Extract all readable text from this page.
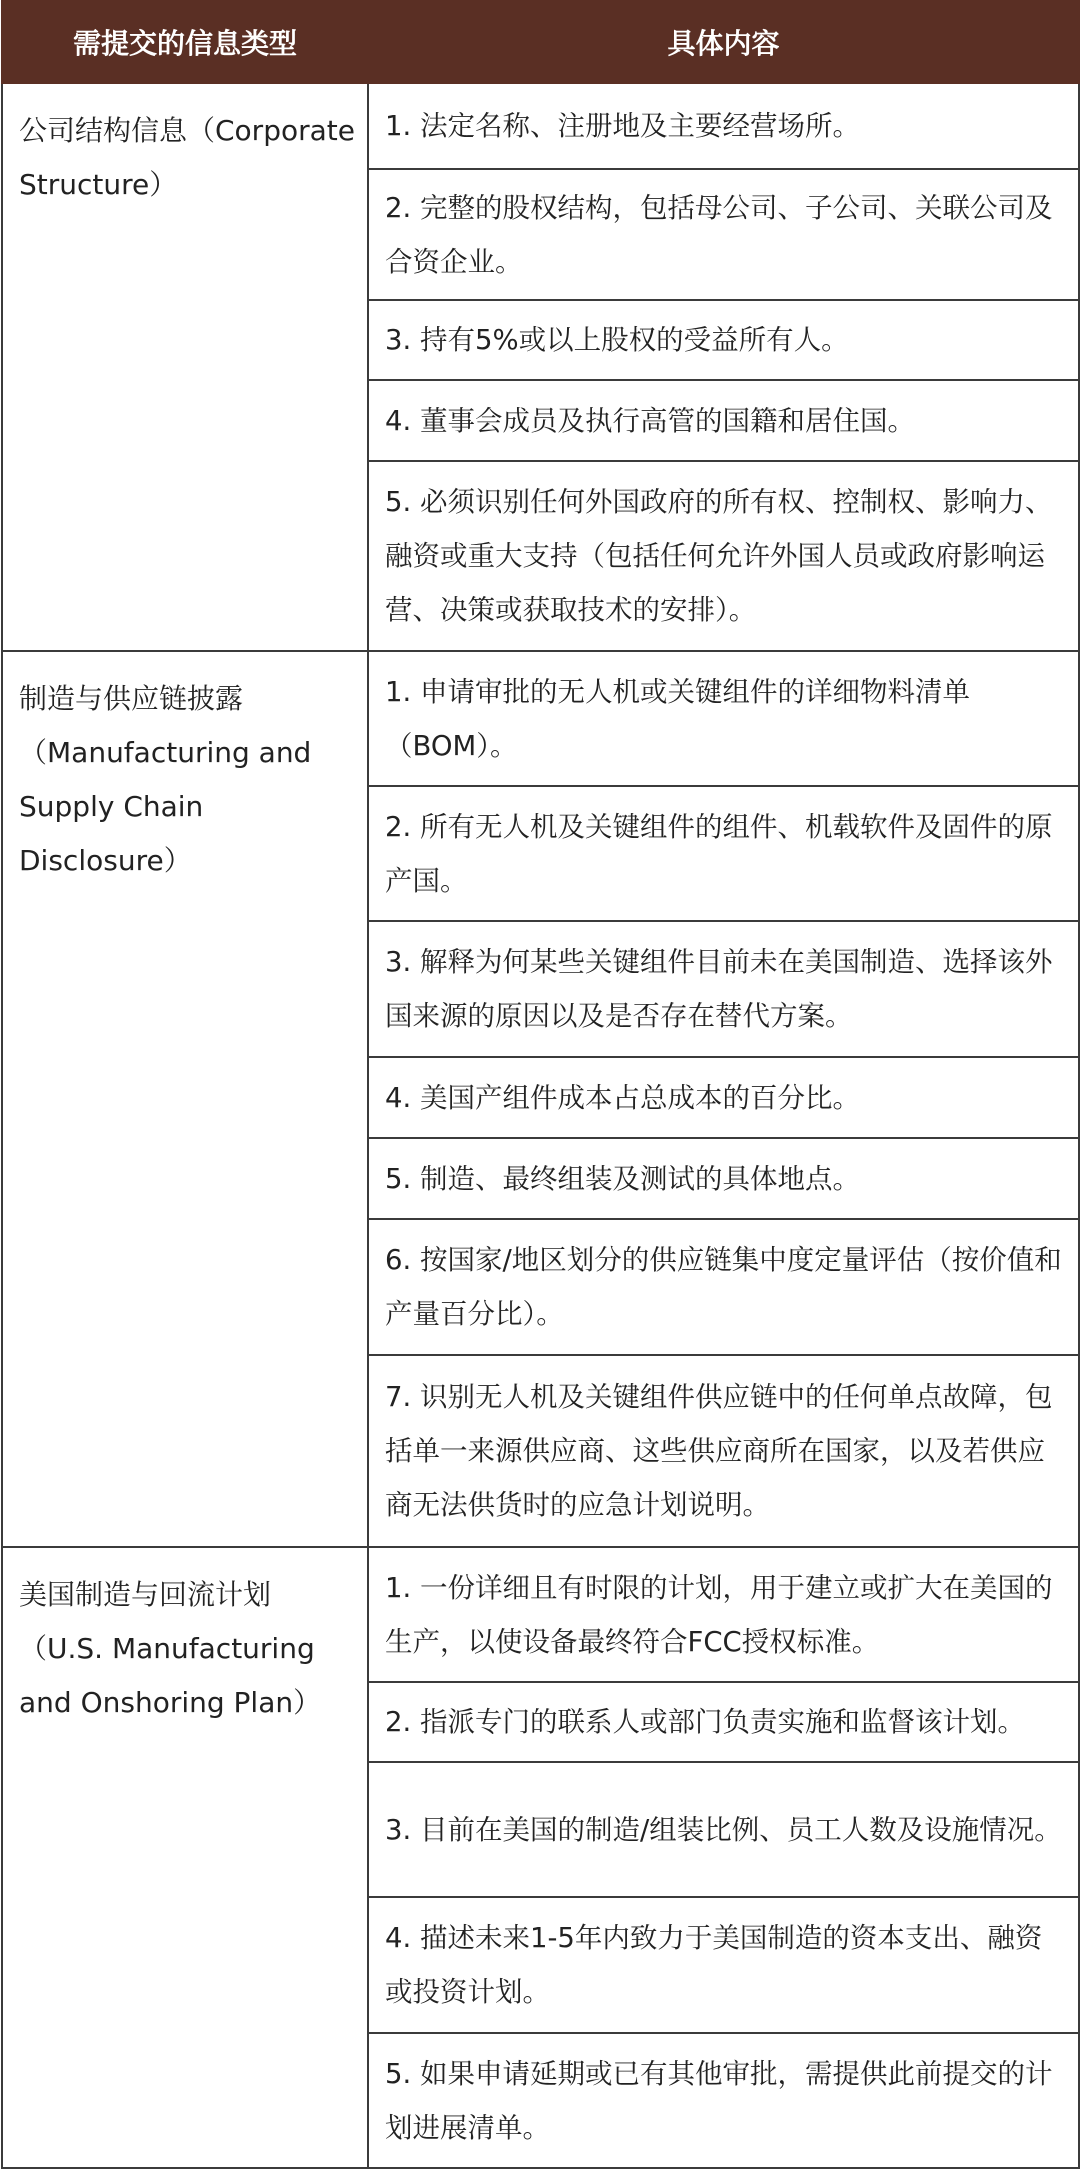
需提交的信息类型	具体内容
公司结构信息（Corporate Structure）	1. 法定名称、注册地及主要经营场所。
	2. 完整的股权结构，包括母公司、子公司、关联公司及合资企业。
	3. 持有5%或以上股权的受益所有人。
	4. 董事会成员及执行高管的国籍和居住国。
	5. 必须识别任何外国政府的所有权、控制权、影响力、融资或重大支持（包括任何允许外国人员或政府影响运营、决策或获取技术的安排）。
制造与供应链披露（Manufacturing and Supply Chain Disclosure）	1. 申请审批的无人机或关键组件的详细物料清单（BOM）。
	2. 所有无人机及关键组件的组件、机载软件及固件的原产国。
	3. 解释为何某些关键组件目前未在美国制造、选择该外国来源的原因以及是否存在替代方案。
	4. 美国产组件成本占总成本的百分比。
	5. 制造、最终组装及测试的具体地点。
	6. 按国家/地区划分的供应链集中度定量评估（按价值和产量百分比）。
	7. 识别无人机及关键组件供应链中的任何单点故障，包括单一来源供应商、这些供应商所在国家，以及若供应商无法供货时的应急计划说明。
美国制造与回流计划（U.S. Manufacturing and Onshoring Plan）	1. 一份详细且有时限的计划，用于建立或扩大在美国的生产，以使设备最终符合FCC授权标准。
	2. 指派专门的联系人或部门负责实施和监督该计划。
	3. 目前在美国的制造/组装比例、员工人数及设施情况。
	4. 描述未来1-5年内致力于美国制造的资本支出、融资或投资计划。
	5. 如果申请延期或已有其他审批，需提供此前提交的计划进展清单。
